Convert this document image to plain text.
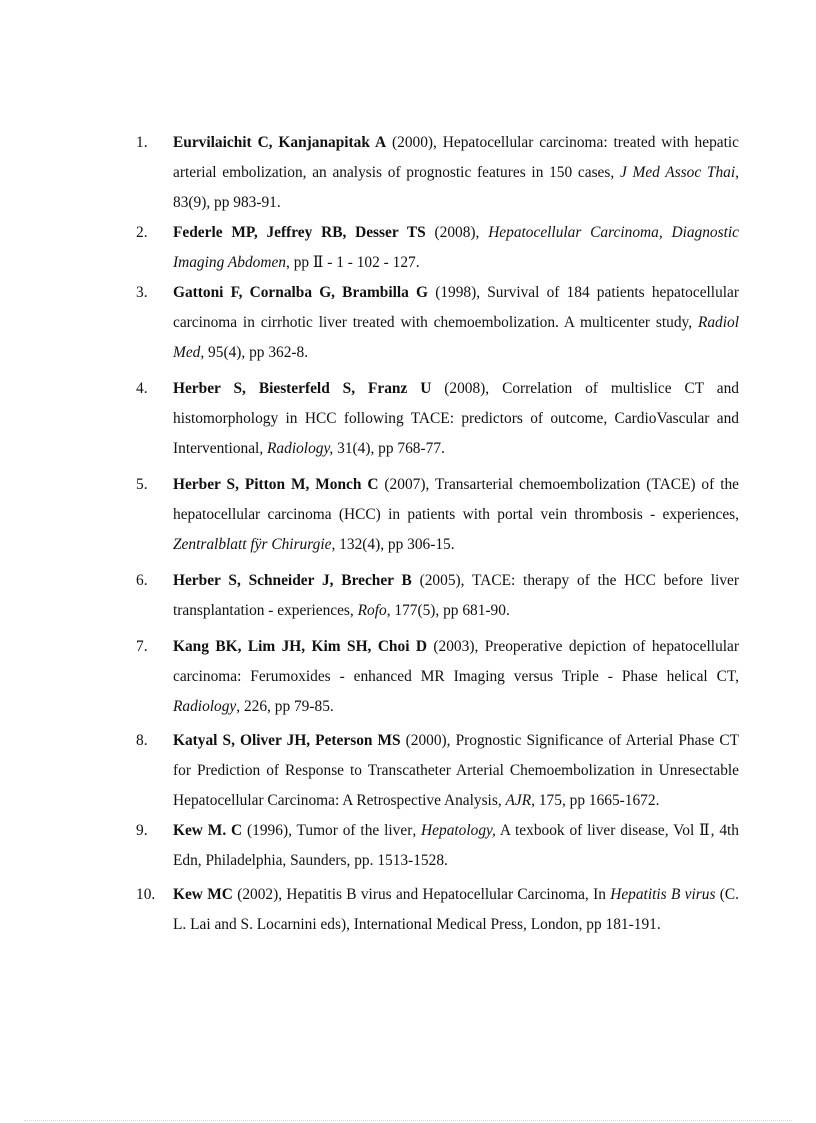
1.	Eurvilaichit C, Kanjanapitak A (2000), Hepatocellular carcinoma: treated with hepatic arterial embolization, an analysis of prognostic features in 150 cases, J Med Assoc Thai, 83(9), pp 983-91.
2.	Federle MP, Jeffrey RB, Desser TS (2008), Hepatocellular Carcinoma, Diagnostic Imaging Abdomen, pp Ⅱ - 1 - 102 - 127.
3.	Gattoni F, Cornalba G, Brambilla G (1998), Survival of 184 patients hepatocellular carcinoma in cirrhotic liver treated with chemoembolization. A multicenter study, Radiol Med, 95(4), pp 362-8.
4.	Herber S, Biesterfeld S, Franz U (2008), Correlation of multislice CT and histomorphology in HCC following TACE: predictors of outcome, CardioVascular and Interventional, Radiology, 31(4), pp 768-77.
5.	Herber S, Pitton M, Monch C (2007), Transarterial chemoembolization (TACE) of the hepatocellular carcinoma (HCC) in patients with portal vein thrombosis - experiences, Zentralblatt fÿr Chirurgie, 132(4), pp 306-15.
6.	Herber S, Schneider J, Brecher B (2005), TACE: therapy of the HCC before liver transplantation - experiences, Rofo, 177(5), pp 681-90.
7.	Kang BK, Lim JH, Kim SH, Choi D (2003), Preoperative depiction of hepatocellular carcinoma: Ferumoxides - enhanced MR Imaging versus Triple - Phase helical CT, Radiology, 226, pp 79-85.
8.	Katyal S, Oliver JH, Peterson MS (2000), Prognostic Significance of Arterial Phase CT for Prediction of Response to Transcatheter Arterial Chemoembolization in Unresectable Hepatocellular Carcinoma: A Retrospective Analysis, AJR, 175, pp 1665-1672.
9.	Kew M. C (1996), Tumor of the liver, Hepatology, A texbook of liver disease, Vol Ⅱ, 4th Edn, Philadelphia, Saunders, pp. 1513-1528.
10.	Kew MC (2002), Hepatitis B virus and Hepatocellular Carcinoma, In Hepatitis B virus (C. L. Lai and S. Locarnini eds), International Medical Press, London, pp 181-191.
